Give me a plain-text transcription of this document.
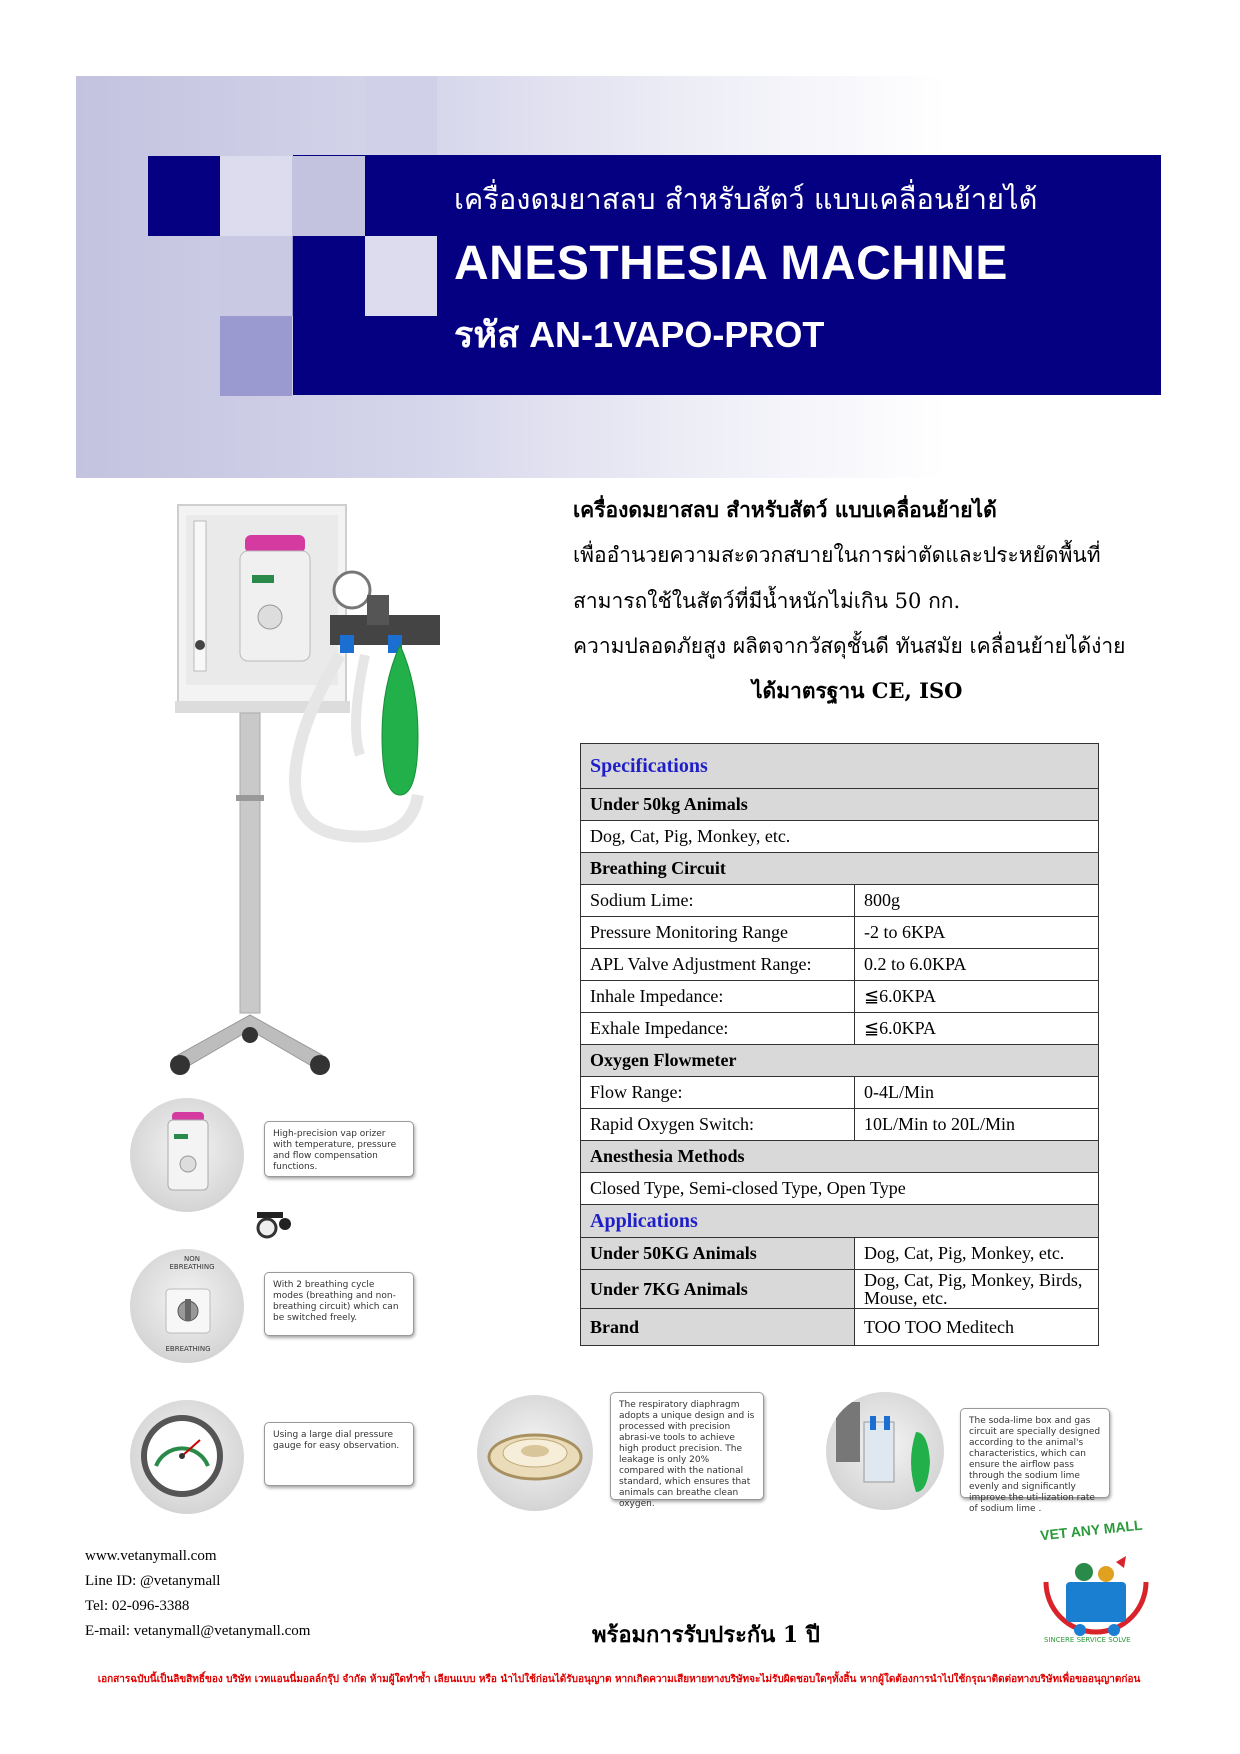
เครื่องดมยาสลบ สำหรับสัตว์ แบบเคลื่อนย้ายได้
ANESTHESIA MACHINE
รหัส AN-1VAPO-PROT
เครื่องดมยาสลบ สำหรับสัตว์ แบบเคลื่อนย้ายได้
เพื่ออำนวยความสะดวกสบายในการผ่าตัดและประหยัดพื้นที่
สามารถใช้ในสัตว์ที่มีน้ำหนักไม่เกิน 50 กก.
ความปลอดภัยสูง ผลิตจากวัสดุชั้นดี ทันสมัย เคลื่อนย้ายได้ง่าย
ได้มาตรฐาน CE, ISO
Specifications	
Under 50kg Animals	
Dog, Cat, Pig, Monkey, etc.	
Breathing Circuit	
Sodium Lime:	800g
Pressure Monitoring Range	-2 to 6KPA
APL Valve Adjustment Range:	0.2 to 6.0KPA
Inhale Impedance:	≦6.0KPA
Exhale Impedance:	≦6.0KPA
Oxygen Flowmeter	
Flow Range:	0-4L/Min
Rapid Oxygen Switch:	10L/Min to 20L/Min
Anesthesia Methods	
Closed Type, Semi-closed Type, Open Type	
Applications	
Under 50KG Animals	Dog, Cat, Pig, Monkey, etc.
Under 7KG Animals	Dog, Cat, Pig, Monkey, Birds, Mouse, etc.
Brand	TOO TOO Meditech
High-precision vap orizer with temperature, pressure and flow compensation functions.
NON EBREATHING
EBREATHING
With 2 breathing cycle modes (breathing and non-breathing circuit) which can be switched freely.
Using a large dial pressure gauge for easy observation.
The respiratory diaphragm adopts a unique design and is processed with precision abrasi-ve tools to achieve high product precision. The leakage is only 20% compared with the national standard, which ensures that animals can breathe clean oxygen.
The soda-lime box and gas circuit are specially designed according to the animal's characteristics, which can ensure the airflow pass through the sodium lime evenly and significantly improve the uti-lization rate of sodium lime .
www.vetanymall.com
Line ID: @vetanymall
Tel: 02-096-3388
E-mail: vetanymall@vetanymall.com	พร้อมการรับประกัน 1 ปี
VET ANY MALL
SINCERE SERVICE SOLVE
เอกสารฉบับนี้เป็นลิขสิทธิ์ของ บริษัท เวทแอนนี่มอลล์กรุ๊ป จำกัด ห้ามผู้ใดทำซ้ำ เลียนแบบ หรือ นำไปใช้ก่อนได้รับอนุญาต หากเกิดความเสียหายทางบริษัทจะไม่รับผิดชอบใดๆทั้งสิ้น หากผู้ใดต้องการนำไปใช้กรุณาติดต่อทางบริษัทเพื่อขออนุญาตก่อน
